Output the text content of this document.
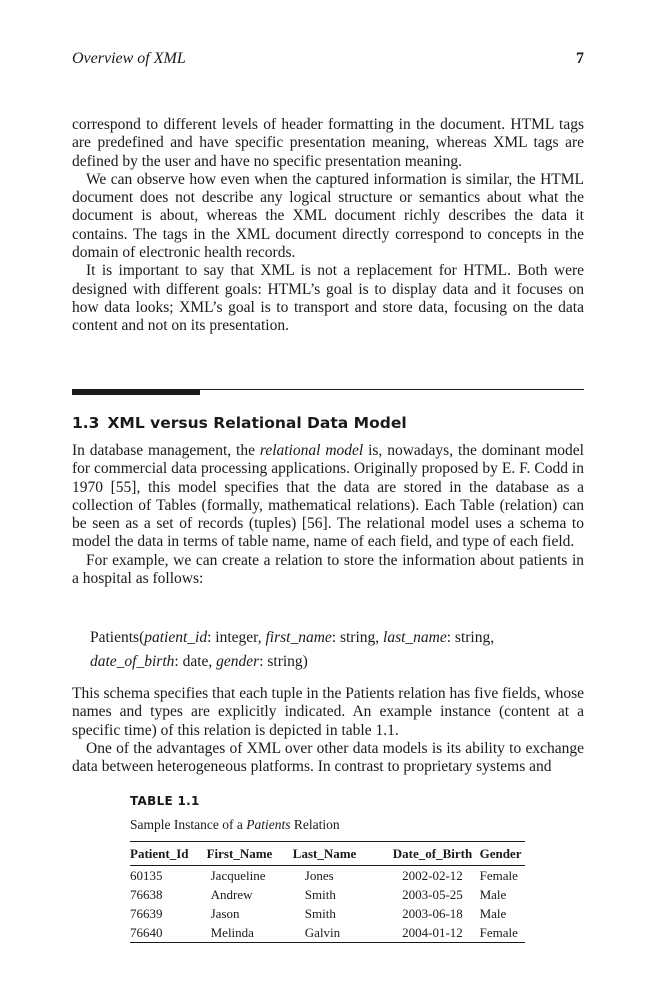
Overview of XML	7

correspond to different levels of header formatting in the document. HTML tags are predefined and have specific presentation meaning, whereas XML tags are defined by the user and have no specific presentation meaning.

We can observe how even when the captured information is similar, the HTML document does not describe any logical structure or semantics about what the document is about, whereas the XML document richly describes the data it contains. The tags in the XML document directly correspond to concepts in the domain of electronic health records.

It is important to say that XML is not a replacement for HTML. Both were designed with different goals: HTML’s goal is to display data and it focuses on how data looks; XML’s goal is to transport and store data, focusing on the data content and not on its presentation.

1.3 XML versus Relational Data Model

In database management, the relational model is, nowadays, the dominant model for commercial data processing applications. Originally proposed by E. F. Codd in 1970 [55], this model specifies that the data are stored in the database as a collection of Tables (formally, mathematical relations). Each Table (relation) can be seen as a set of records (tuples) [56]. The relational model uses a schema to model the data in terms of table name, name of each field, and type of each field.

For example, we can create a relation to store the information about patients in a hospital as follows:

Patients(patient_id: integer, first_name: string, last_name: string,
date_of_birth: date, gender: string)

This schema specifies that each tuple in the Patients relation has five fields, whose names and types are explicitly indicated. An example instance (content at a specific time) of this relation is depicted in table 1.1.

One of the advantages of XML over other data models is its ability to exchange data between heterogeneous platforms. In contrast to proprietary systems and

TABLE 1.1
Sample Instance of a Patients Relation
Patient_Id	First_Name	Last_Name	Date_of_Birth	Gender
60135	Jacqueline	Jones	2002-02-12	Female
76638	Andrew	Smith	2003-05-25	Male
76639	Jason	Smith	2003-06-18	Male
76640	Melinda	Galvin	2004-01-12	Female
